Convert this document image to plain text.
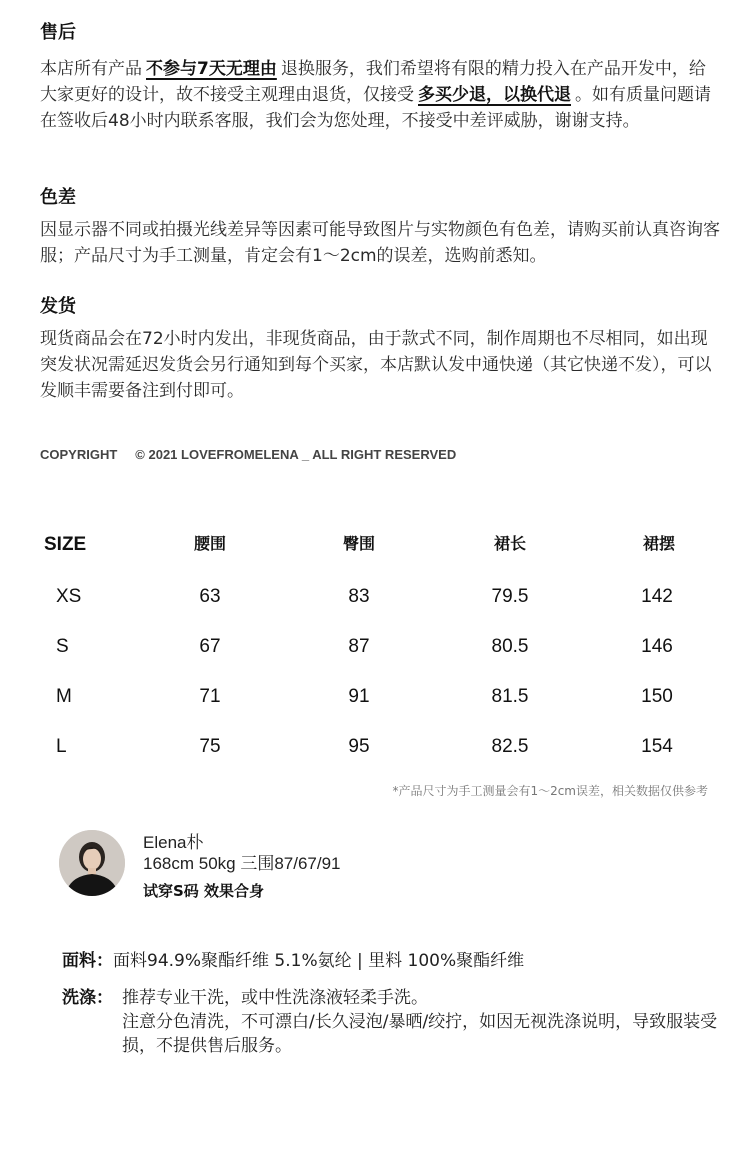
售后

本店所有产品 不参与7天无理由 退换服务，我们希望将有限的精力投入在产品开发中，给大家更好的设计，故不接受主观理由退货，仅接受 多买少退，以换代退 。如有质量问题请在签收后48小时内联系客服，我们会为您处理，不接受中差评威胁，谢谢支持。

色差

因显示器不同或拍摄光线差异等因素可能导致图片与实物颜色有色差，请购买前认真咨询客服；产品尺寸为手工测量，肯定会有1～2cm的误差，选购前悉知。

发货

现货商品会在72小时内发出，非现货商品，由于款式不同，制作周期也不尽相同，如出现突发状况需延迟发货会另行通知到每个买家，本店默认发中通快递（其它快递不发），可以发顺丰需要备注到付即可。

COPYRIGHT © 2021 LOVEFROMELENA _ ALL RIGHT RESERVED
SIZE	腰围	臀围	裙长	裙摆
XS	63	83	79.5	142
S	67	87	80.5	146
M	71	91	81.5	150
L	75	95	82.5	154
*产品尺寸为手工测量会有1～2cm误差，相关数据仅供参考
Elena朴
168cm 50kg 三围87/67/91
试穿S码 效果合身
面料：面料94.9%聚酯纤维 5.1%氨纶 | 里料 100%聚酯纤维
洗涤： 推荐专业干洗，或中性洗涤液轻柔手洗。
注意分色清洗，不可漂白/长久浸泡/暴晒/绞拧，如因无视洗涤说明，导致服装受损，不提供售后服务。
